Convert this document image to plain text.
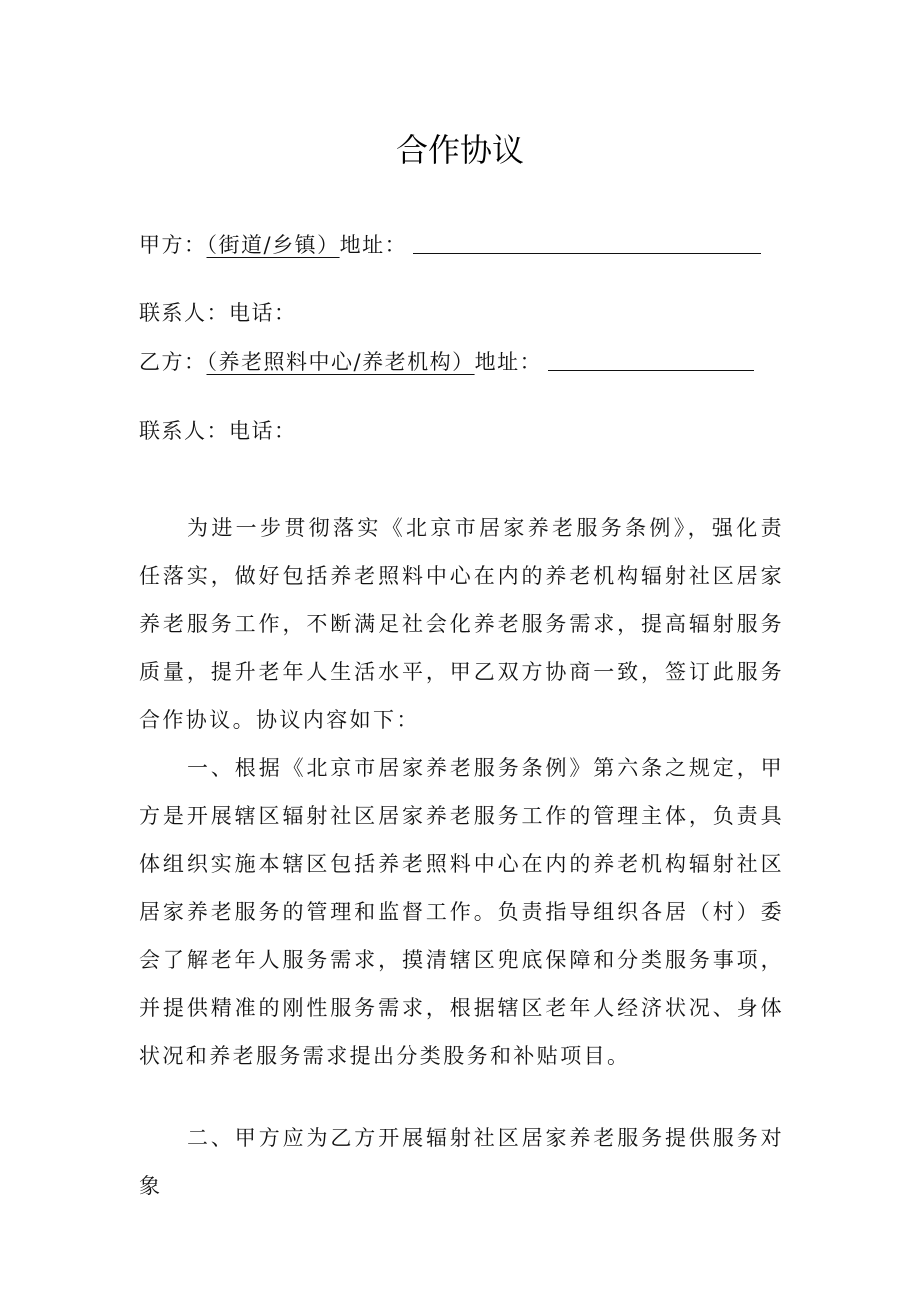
合作协议
甲方：（街道/乡镇）地址：
联系人：电话：
乙方：（养老照料中心/养老机构）地址：
联系人：电话：

为进一步贯彻落实《北京市居家养老服务条例》，强化责任落实，做好包括养老照料中心在内的养老机构辐射社区居家养老服务工作，不断满足社会化养老服务需求，提高辐射服务质量，提升老年人生活水平，甲乙双方协商一致，签订此服务合作协议。协议内容如下：

一、根据《北京市居家养老服务条例》第六条之规定，甲方是开展辖区辐射社区居家养老服务工作的管理主体，负责具体组织实施本辖区包括养老照料中心在内的养老机构辐射社区居家养老服务的管理和监督工作。负责指导组织各居（村）委会了解老年人服务需求，摸清辖区兜底保障和分类服务事项，并提供精准的刚性服务需求，根据辖区老年人经济状况、身体状况和养老服务需求提出分类股务和补贴项目。

二、甲方应为乙方开展辐射社区居家养老服务提供服务对象
